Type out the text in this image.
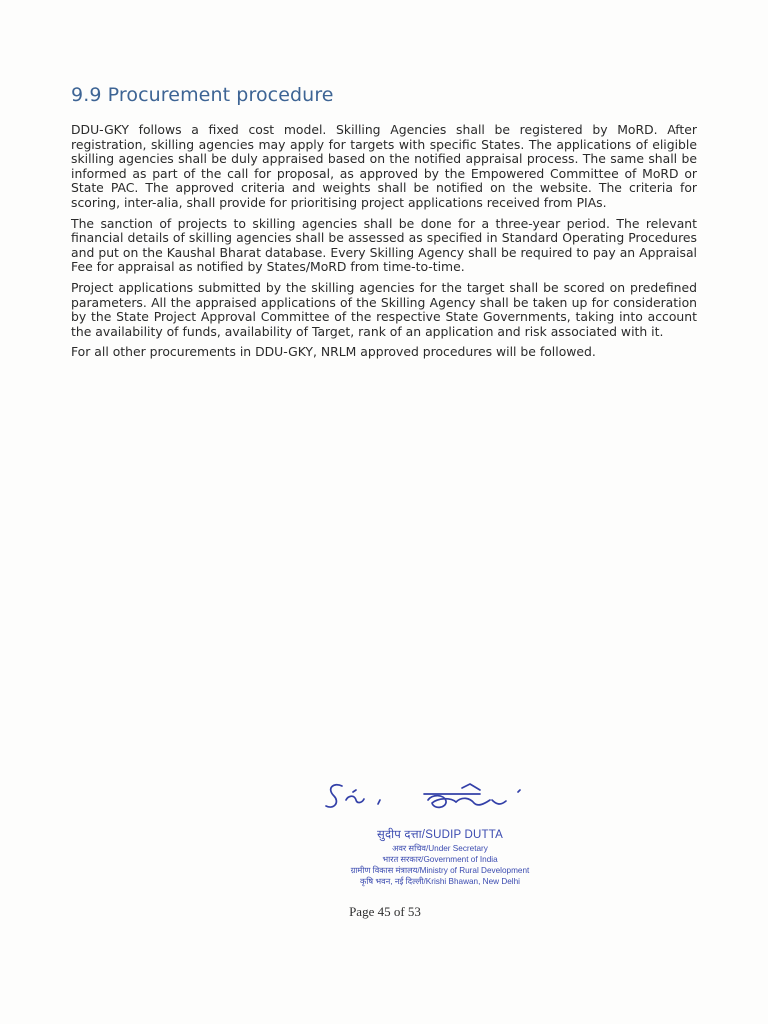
9.9 Procurement procedure

DDU-GKY follows a fixed cost model. Skilling Agencies shall be registered by MoRD. After registration, skilling agencies may apply for targets with specific States. The applications of eligible skilling agencies shall be duly appraised based on the notified appraisal process. The same shall be informed as part of the call for proposal, as approved by the Empowered Committee of MoRD or State PAC. The approved criteria and weights shall be notified on the website. The criteria for scoring, inter-alia, shall provide for prioritising project applications received from PIAs.

The sanction of projects to skilling agencies shall be done for a three-year period. The relevant financial details of skilling agencies shall be assessed as specified in Standard Operating Procedures and put on the Kaushal Bharat database. Every Skilling Agency shall be required to pay an Appraisal Fee for appraisal as notified by States/MoRD from time-to-time.

Project applications submitted by the skilling agencies for the target shall be scored on predefined parameters. All the appraised applications of the Skilling Agency shall be taken up for consideration by the State Project Approval Committee of the respective State Governments, taking into account the availability of funds, availability of Target, rank of an application and risk associated with it.

For all other procurements in DDU-GKY, NRLM approved procedures will be followed.

सुदीप दत्ता/SUDIP DUTTA
अवर सचिव/Under Secretary
भारत सरकार/Government of India
ग्रामीण विकास मंत्रालय/Ministry of Rural Development
कृषि भवन, नई दिल्ली/Krishi Bhawan, New Delhi
Page 45 of 53
